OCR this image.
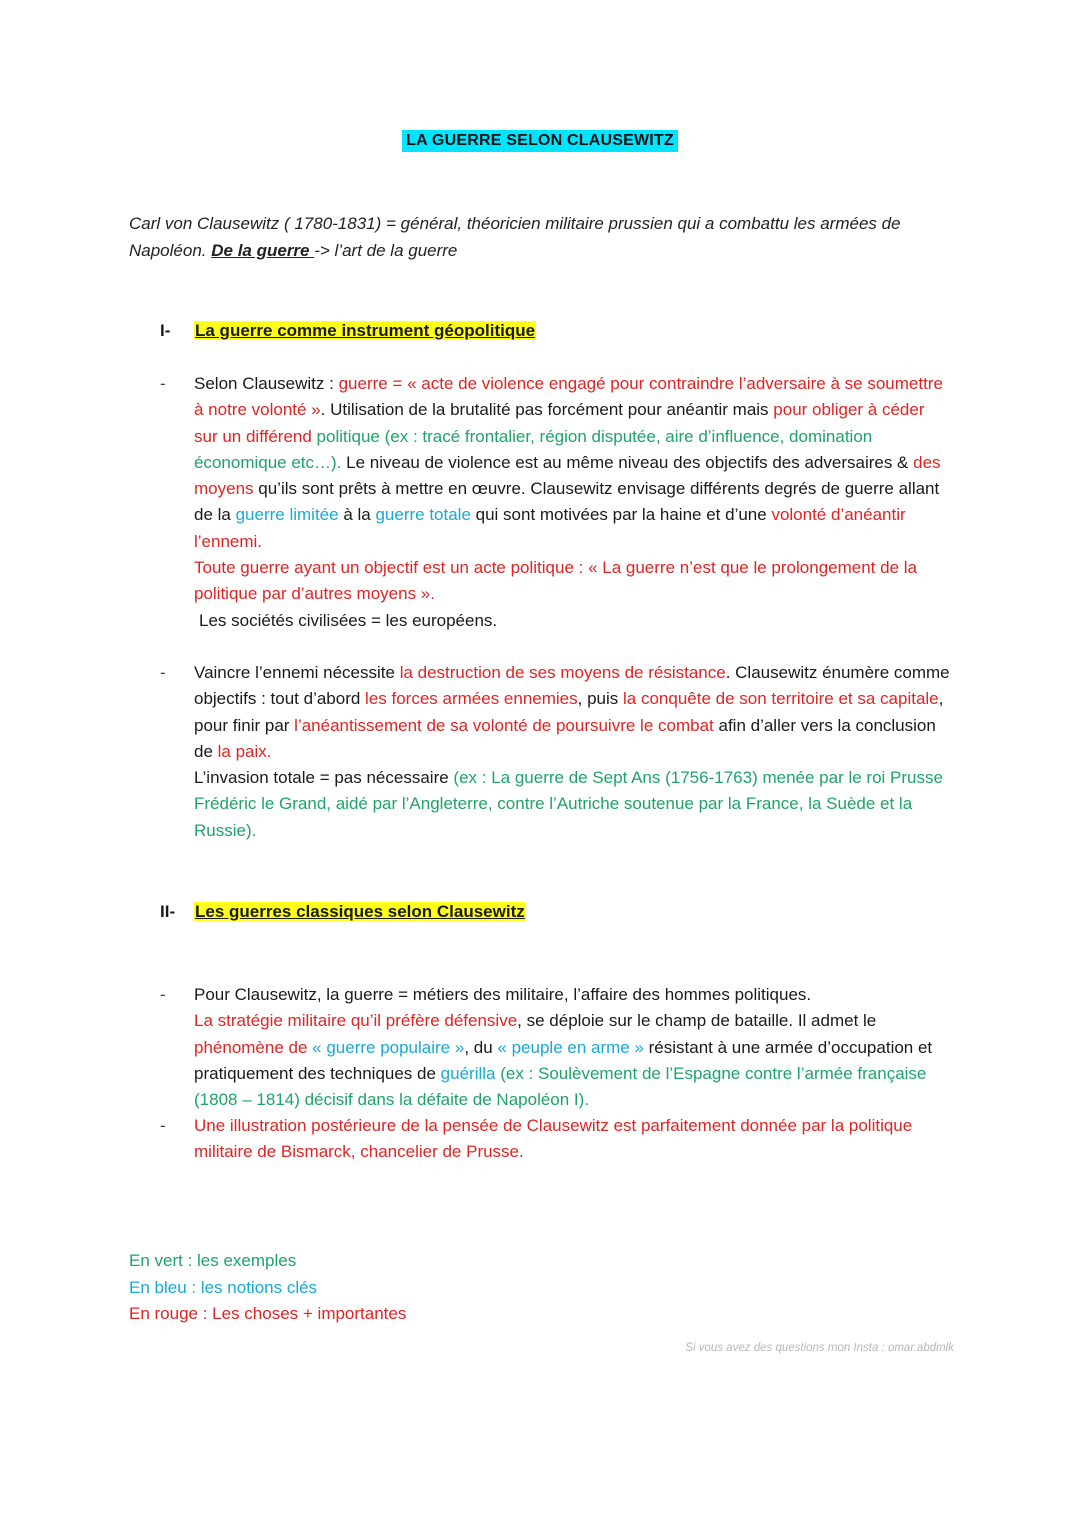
LA GUERRE SELON CLAUSEWITZ
Carl von Clausewitz ( 1780-1831) = général, théoricien militaire prussien qui a combattu les armées de Napoléon. De la guerre -> l’art de la guerre
I- La guerre comme instrument géopolitique
-	Selon Clausewitz : guerre = « acte de violence engagé pour contraindre l’adversaire à se soumettre à notre volonté ». Utilisation de la brutalité pas forcément pour anéantir mais pour obliger à céder sur un différend politique (ex : tracé frontalier, région disputée, aire d’influence, domination économique etc…). Le niveau de violence est au même niveau des objectifs des adversaires & des moyens qu’ils sont prêts à mettre en œuvre. Clausewitz envisage différents degrés de guerre allant de la guerre limitée à la guerre totale qui sont motivées par la haine et d’une volonté d’anéantir l’ennemi.

Toute guerre ayant un objectif est un acte politique : « La guerre n’est que le prolongement de la politique par d’autres moyens ».

Les sociétés civilisées = les européens.

-	Vaincre l’ennemi nécessite la destruction de ses moyens de résistance. Clausewitz énumère comme objectifs : tout d’abord les forces armées ennemies, puis la conquête de son territoire et sa capitale, pour finir par l’anéantissement de sa volonté de poursuivre le combat afin d’aller vers la conclusion de la paix.

L’invasion totale = pas nécessaire (ex : La guerre de Sept Ans (1756-1763) menée par le roi Prusse Frédéric le Grand, aidé par l’Angleterre, contre l’Autriche soutenue par la France, la Suède et la Russie).

II- Les guerres classiques selon Clausewitz
-	Pour Clausewitz, la guerre = métiers des militaire, l’affaire des hommes politiques.

La stratégie militaire qu’il préfère défensive, se déploie sur le champ de bataille. Il admet le phénomène de « guerre populaire », du « peuple en arme » résistant à une armée d’occupation et pratiquement des techniques de guérilla (ex : Soulèvement de l’Espagne contre l’armée française (1808 – 1814) décisif dans la défaite de Napoléon I).

-	Une illustration postérieure de la pensée de Clausewitz est parfaitement donnée par la politique militaire de Bismarck, chancelier de Prusse.

En vert : les exemples
En bleu : les notions clés
En rouge : Les choses + importantes
Si vous avez des questions mon Insta : omar.abdmlk
